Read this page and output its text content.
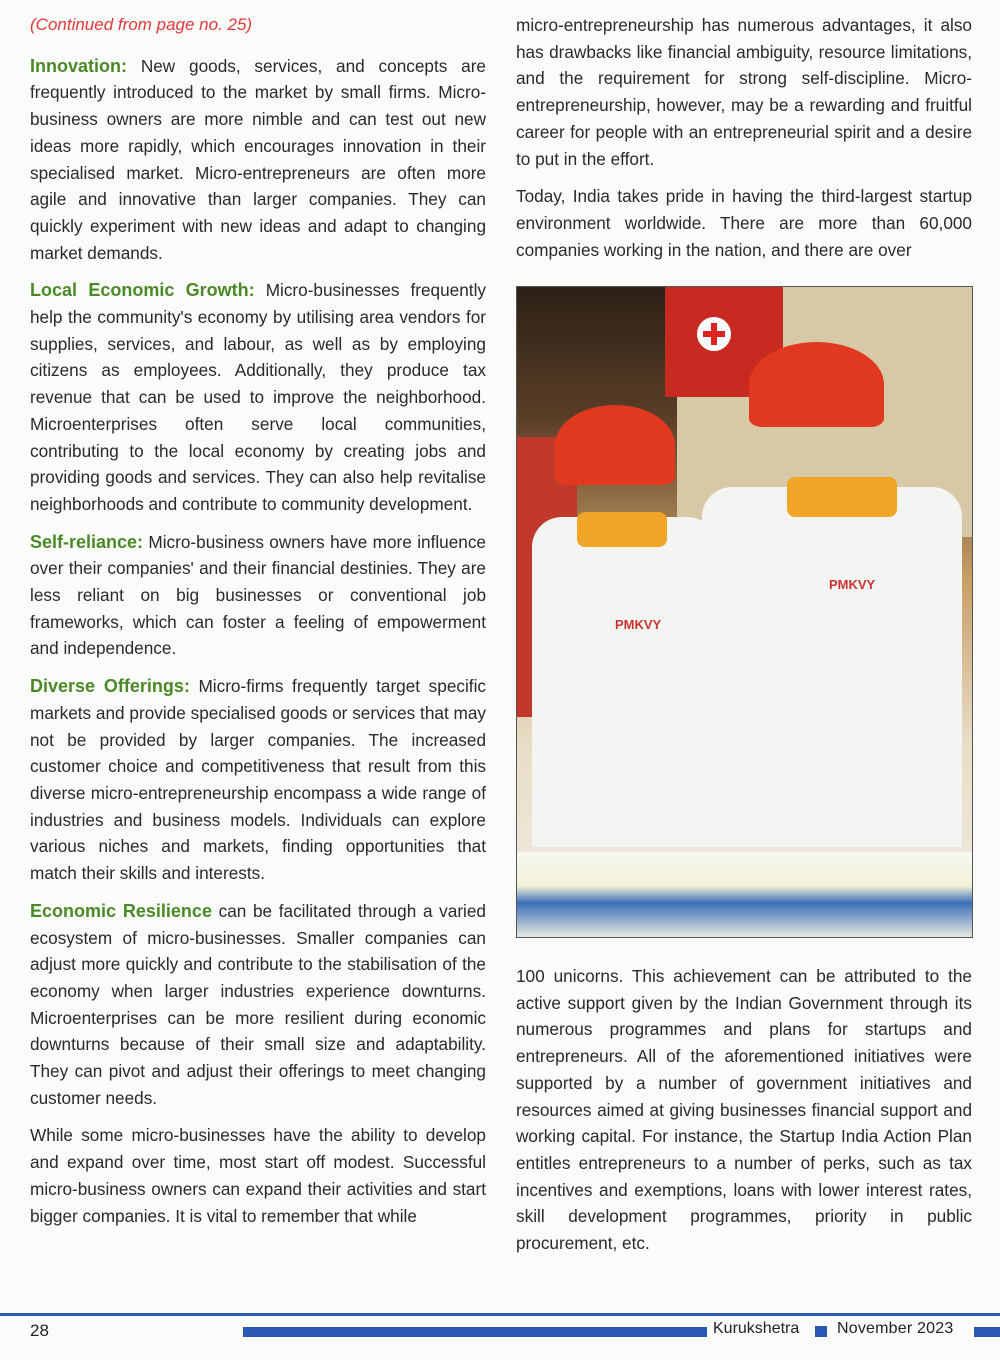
(Continued from page no. 25)

Innovation: New goods, services, and concepts are frequently introduced to the market by small firms. Micro-business owners are more nimble and can test out new ideas more rapidly, which encourages innovation in their specialised market. Micro-entrepreneurs are often more agile and innovative than larger companies. They can quickly experiment with new ideas and adapt to changing market demands.

Local Economic Growth: Micro-businesses frequently help the community's economy by utilising area vendors for supplies, services, and labour, as well as by employing citizens as employees. Additionally, they produce tax revenue that can be used to improve the neighborhood. Microenterprises often serve local communities, contributing to the local economy by creating jobs and providing goods and services. They can also help revitalise neighborhoods and contribute to community development.

Self-reliance: Micro-business owners have more influence over their companies' and their financial destinies. They are less reliant on big businesses or conventional job frameworks, which can foster a feeling of empowerment and independence.

Diverse Offerings: Micro-firms frequently target specific markets and provide specialised goods or services that may not be provided by larger companies. The increased customer choice and competitiveness that result from this diverse micro-entrepreneurship encompass a wide range of industries and business models. Individuals can explore various niches and markets, finding opportunities that match their skills and interests.

Economic Resilience can be facilitated through a varied ecosystem of micro-businesses. Smaller companies can adjust more quickly and contribute to the stabilisation of the economy when larger industries experience downturns. Microenterprises can be more resilient during economic downturns because of their small size and adaptability. They can pivot and adjust their offerings to meet changing customer needs.

While some micro-businesses have the ability to develop and expand over time, most start off modest. Successful micro-business owners can expand their activities and start bigger companies. It is vital to remember that while

micro-entrepreneurship has numerous advantages, it also has drawbacks like financial ambiguity, resource limitations, and the requirement for strong self-discipline. Micro-entrepreneurship, however, may be a rewarding and fruitful career for people with an entrepreneurial spirit and a desire to put in the effort.

Today, India takes pride in having the third-largest startup environment worldwide. There are more than 60,000 companies working in the nation, and there are over

PMKVY
PMKVY

100 unicorns. This achievement can be attributed to the active support given by the Indian Government through its numerous programmes and plans for startups and entrepreneurs. All of the aforementioned initiatives were supported by a number of government initiatives and resources aimed at giving businesses financial support and working capital. For instance, the Startup India Action Plan entitles entrepreneurs to a number of perks, such as tax incentives and exemptions, loans with lower interest rates, skill development programmes, priority in public procurement, etc.

28	Kurukshetra November 2023
